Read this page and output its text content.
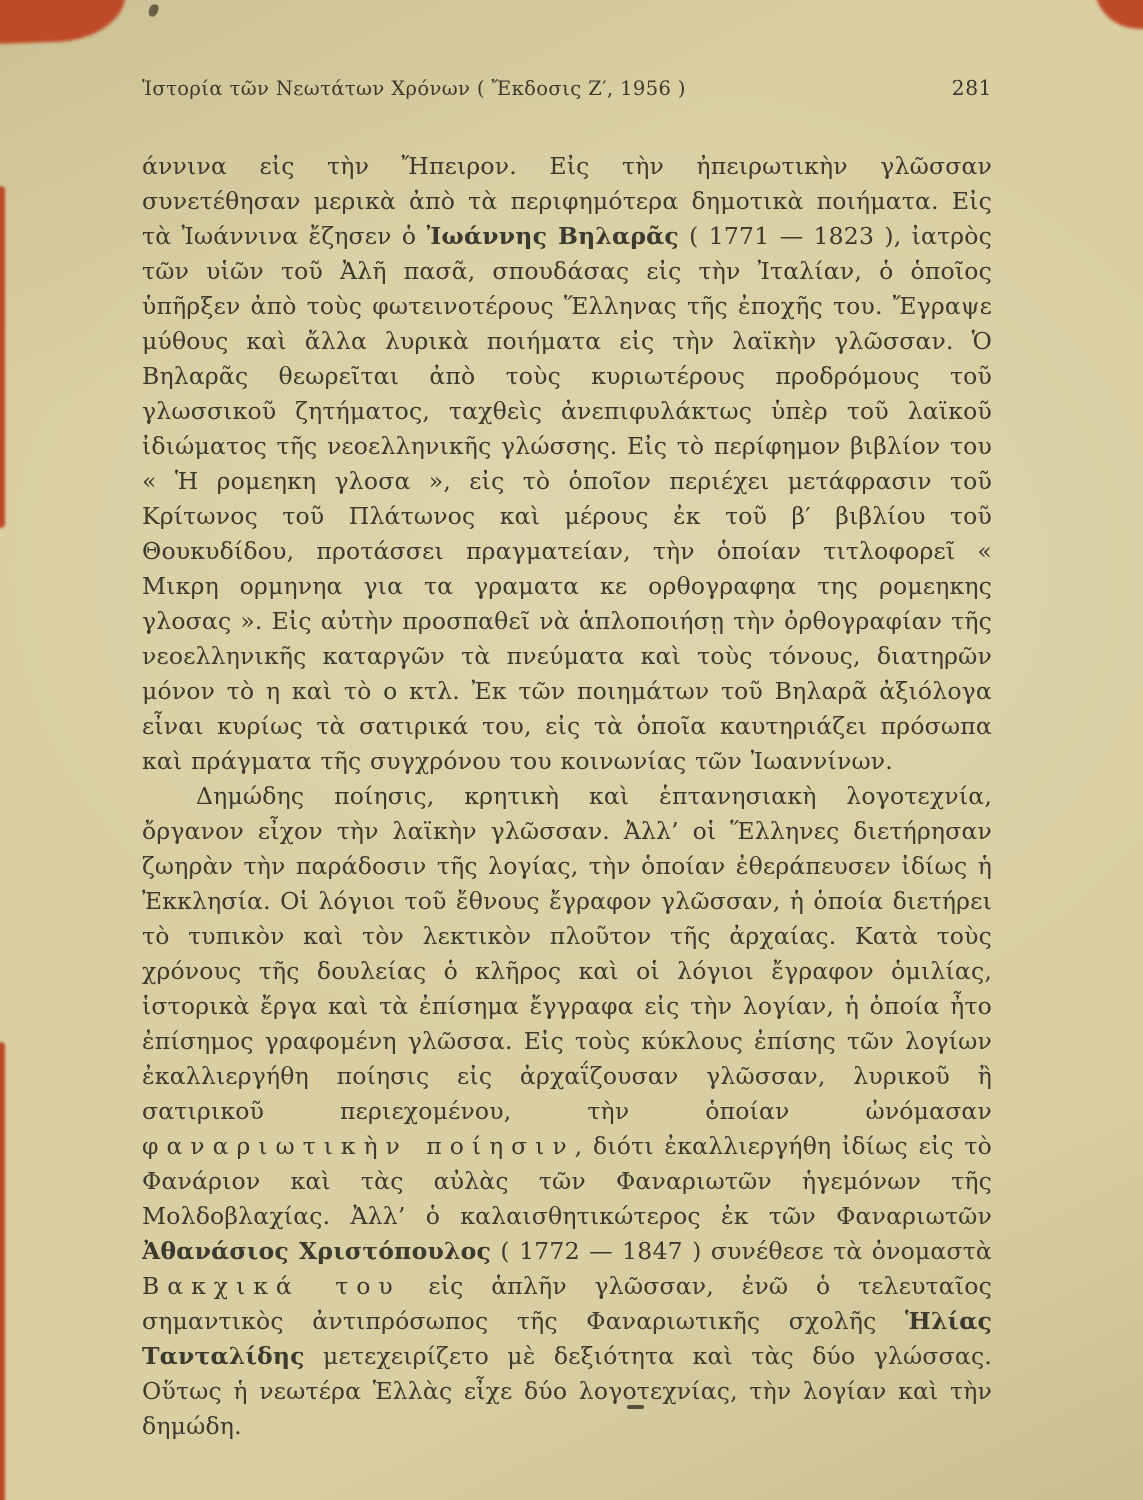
Ἱστορία τῶν Νεωτάτων Χρόνων ( Ἔκδοσις Ζ′, 1956 )	281

άννινα εἰς τὴν Ἤπειρον. Εἰς τὴν ἠπειρωτικὴν γλῶσσαν συνετέθησαν μερικὰ ἀπὸ τὰ περιφημότερα δημοτικὰ ποιήματα. Εἰς τὰ Ἰωάννινα ἔζησεν ὁ Ἰωάννης Βηλαρᾶς ( 1771 — 1823 ), ἰατρὸς τῶν υἱῶν τοῦ Ἀλῆ πασᾶ, σπουδάσας εἰς τὴν Ἰταλίαν, ὁ ὁποῖος ὑπῆρξεν ἀπὸ τοὺς φωτεινοτέρους Ἕλληνας τῆς ἐποχῆς του. Ἔγραψε μύθους καὶ ἄλλα λυρικὰ ποιήματα εἰς τὴν λαϊκὴν γλῶσσαν. Ὁ Βηλαρᾶς θεωρεῖται ἀπὸ τοὺς κυριωτέρους προδρόμους τοῦ γλωσσικοῦ ζητήματος, ταχθεὶς ἀνεπιφυλάκτως ὑπὲρ τοῦ λαϊκοῦ ἰδιώματος τῆς νεοελληνικῆς γλώσσης. Εἰς τὸ περίφημον βιβλίον του « Ἡ ρομεηκη γλοσα », εἰς τὸ ὁποῖον περιέχει μετάφρασιν τοῦ Κρίτωνος τοῦ Πλάτωνος καὶ μέρους ἐκ τοῦ β′ βιβλίου τοῦ Θουκυδίδου, προτάσσει πραγματείαν, τὴν ὁποίαν τιτλοφορεῖ « Μικρη ορμηνηα για τα γραματα κε ορθογραφηα της ρομεηκης γλοσας ». Εἰς αὐτὴν προσπαθεῖ νὰ ἁπλοποιήσῃ τὴν ὀρθογραφίαν τῆς νεοελληνικῆς καταργῶν τὰ πνεύματα καὶ τοὺς τόνους, διατηρῶν μόνον τὸ η καὶ τὸ ο κτλ. Ἐκ τῶν ποιημάτων τοῦ Βηλαρᾶ ἀξιόλογα εἶναι κυρίως τὰ σατιρικά του, εἰς τὰ ὁποῖα καυτηριάζει πρόσωπα καὶ πράγματα τῆς συγχρόνου του κοινωνίας τῶν Ἰωαννίνων.

Δημώδης ποίησις, κρητικὴ καὶ ἑπτανησιακὴ λογοτεχνία, ὄργανον εἶχον τὴν λαϊκὴν γλῶσσαν. Ἀλλ’ οἱ Ἕλληνες διετήρησαν ζωηρὰν τὴν παράδοσιν τῆς λογίας, τὴν ὁποίαν ἐθεράπευσεν ἰδίως ἡ Ἐκκλησία. Οἱ λόγιοι τοῦ ἔθνους ἔγραφον γλῶσσαν, ἡ ὁποία διετήρει τὸ τυπικὸν καὶ τὸν λεκτικὸν πλοῦτον τῆς ἀρχαίας. Κατὰ τοὺς χρόνους τῆς δουλείας ὁ κλῆρος καὶ οἱ λόγιοι ἔγραφον ὁμιλίας, ἱστορικὰ ἔργα καὶ τὰ ἐπίσημα ἔγγραφα εἰς τὴν λογίαν, ἡ ὁποία ἦτο ἐπίσημος γραφομένη γλῶσσα. Εἰς τοὺς κύκλους ἐπίσης τῶν λογίων ἐκαλλιεργήθη ποίησις εἰς ἀρχαΐζουσαν γλῶσσαν, λυρικοῦ ἢ σατιρικοῦ περιεχομένου, τὴν ὁποίαν ὠνόμασαν φαναριωτικὴν ποίησιν, διότι ἐκαλλιεργήθη ἰδίως εἰς τὸ Φανάριον καὶ τὰς αὐλὰς τῶν Φαναριωτῶν ἡγεμόνων τῆς Μολδοβλαχίας. Ἀλλ’ ὁ καλαισθητικώτερος ἐκ τῶν Φαναριωτῶν Ἀθανάσιος Χριστόπουλος ( 1772 — 1847 ) συνέθεσε τὰ ὀνομαστὰ Βακχικά του εἰς ἁπλῆν γλῶσσαν, ἐνῶ ὁ τελευταῖος σημαντικὸς ἀντιπρόσωπος τῆς Φαναριωτικῆς σχολῆς Ἡλίας Τανταλίδης μετεχειρίζετο μὲ δεξιότητα καὶ τὰς δύο γλώσσας. Οὕτως ἡ νεωτέρα Ἑλλὰς εἶχε δύο λογοτεχνίας, τὴν λογίαν καὶ τὴν δημώδη.
